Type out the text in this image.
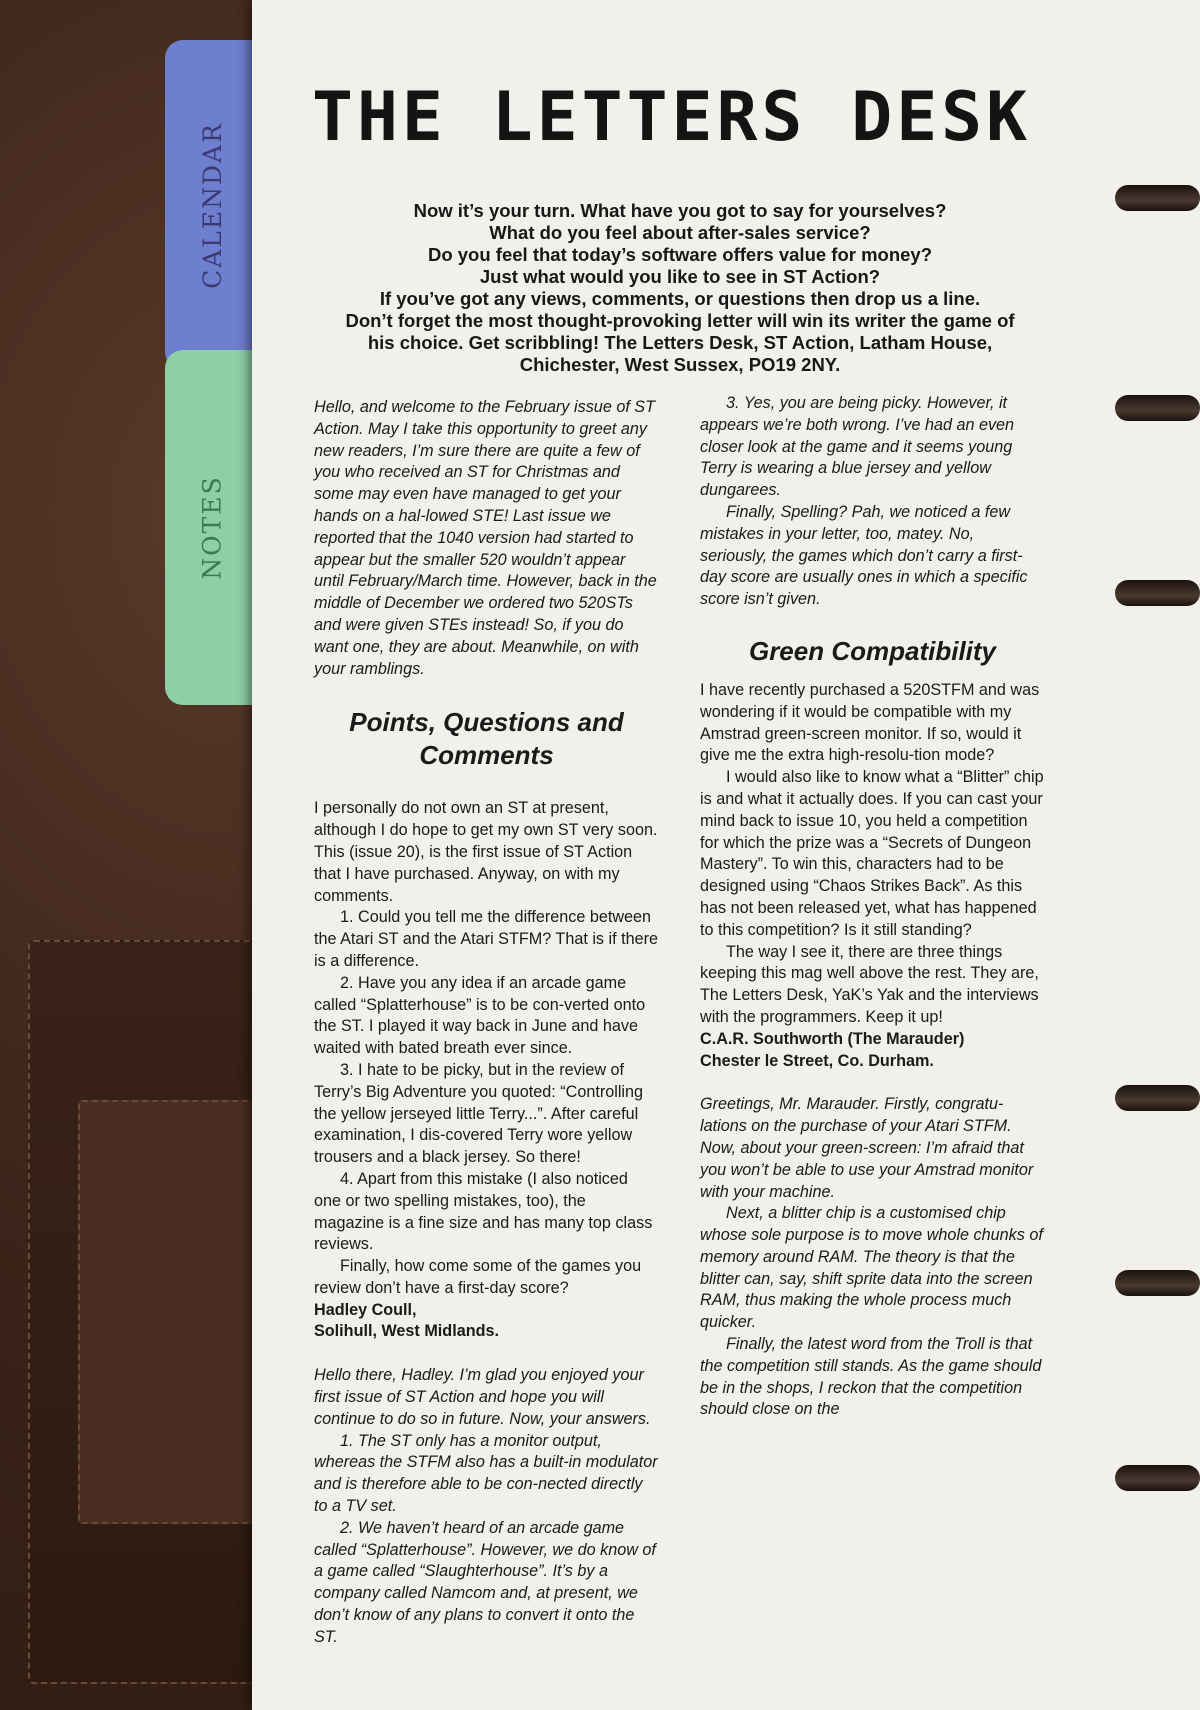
CALENDAR
NOTES
THE LETTERS DESK
Now it’s your turn. What have you got to say for yourselves?
What do you feel about after-sales service?
Do you feel that today’s software offers value for money?
Just what would you like to see in ST Action?
If you’ve got any views, comments, or questions then drop us a line.
Don’t forget the most thought-provoking letter will win its writer the game of
his choice. Get scribbling! The Letters Desk, ST Action, Latham House,
Chichester, West Sussex, PO19 2NY.

Hello, and welcome to the February issue of ST Action. May I take this opportunity to greet any new readers, I’m sure there are quite a few of you who received an ST for Christmas and some may even have managed to get your hands on a hal-lowed STE! Last issue we reported that the 1040 version had started to appear but the smaller 520 wouldn’t appear until February/March time. However, back in the middle of December we ordered two 520STs and were given STEs instead! So, if you do want one, they are about. Meanwhile, on with your ramblings.

Points, Questions and Comments

I personally do not own an ST at present, although I do hope to get my own ST very soon. This (issue 20), is the first issue of ST Action that I have purchased. Anyway, on with my comments.

1. Could you tell me the difference between the Atari ST and the Atari STFM? That is if there is a difference.

2. Have you any idea if an arcade game called “Splatterhouse” is to be con-verted onto the ST. I played it way back in June and have waited with bated breath ever since.

3. I hate to be picky, but in the review of Terry’s Big Adventure you quoted: “Controlling the yellow jerseyed little Terry...”. After careful examination, I dis-covered Terry wore yellow trousers and a black jersey. So there!

4. Apart from this mistake (I also noticed one or two spelling mistakes, too), the magazine is a fine size and has many top class reviews.

Finally, how come some of the games you review don’t have a first-day score?

Hadley Coull,

Solihull, West Midlands.

Hello there, Hadley. I’m glad you enjoyed your first issue of ST Action and hope you will continue to do so in future. Now, your answers.

1. The ST only has a monitor output, whereas the STFM also has a built-in modulator and is therefore able to be con-nected directly to a TV set.

2. We haven’t heard of an arcade game called “Splatterhouse”. However, we do know of a game called “Slaughterhouse”. It’s by a company called Namcom and, at present, we don’t know of any plans to convert it onto the ST.

3. Yes, you are being picky. However, it appears we’re both wrong. I’ve had an even closer look at the game and it seems young Terry is wearing a blue jersey and yellow dungarees.

Finally, Spelling? Pah, we noticed a few mistakes in your letter, too, matey. No, seriously, the games which don’t carry a first-day score are usually ones in which a specific score isn’t given.

Green Compatibility

I have recently purchased a 520STFM and was wondering if it would be compatible with my Amstrad green-screen monitor. If so, would it give me the extra high-resolu-tion mode?

I would also like to know what a “Blitter” chip is and what it actually does. If you can cast your mind back to issue 10, you held a competition for which the prize was a “Secrets of Dungeon Mastery”. To win this, characters had to be designed using “Chaos Strikes Back”. As this has not been released yet, what has happened to this competition? Is it still standing?

The way I see it, there are three things keeping this mag well above the rest. They are, The Letters Desk, YaK’s Yak and the interviews with the programmers. Keep it up!

C.A.R. Southworth (The Marauder)

Chester le Street, Co. Durham.

Greetings, Mr. Marauder. Firstly, congratu-lations on the purchase of your Atari STFM. Now, about your green-screen: I’m afraid that you won’t be able to use your Amstrad monitor with your machine.

Next, a blitter chip is a customised chip whose sole purpose is to move whole chunks of memory around RAM. The theory is that the blitter can, say, shift sprite data into the screen RAM, thus making the whole process much quicker.

Finally, the latest word from the Troll is that the competition still stands. As the game should be in the shops, I reckon that the competition should close on the
